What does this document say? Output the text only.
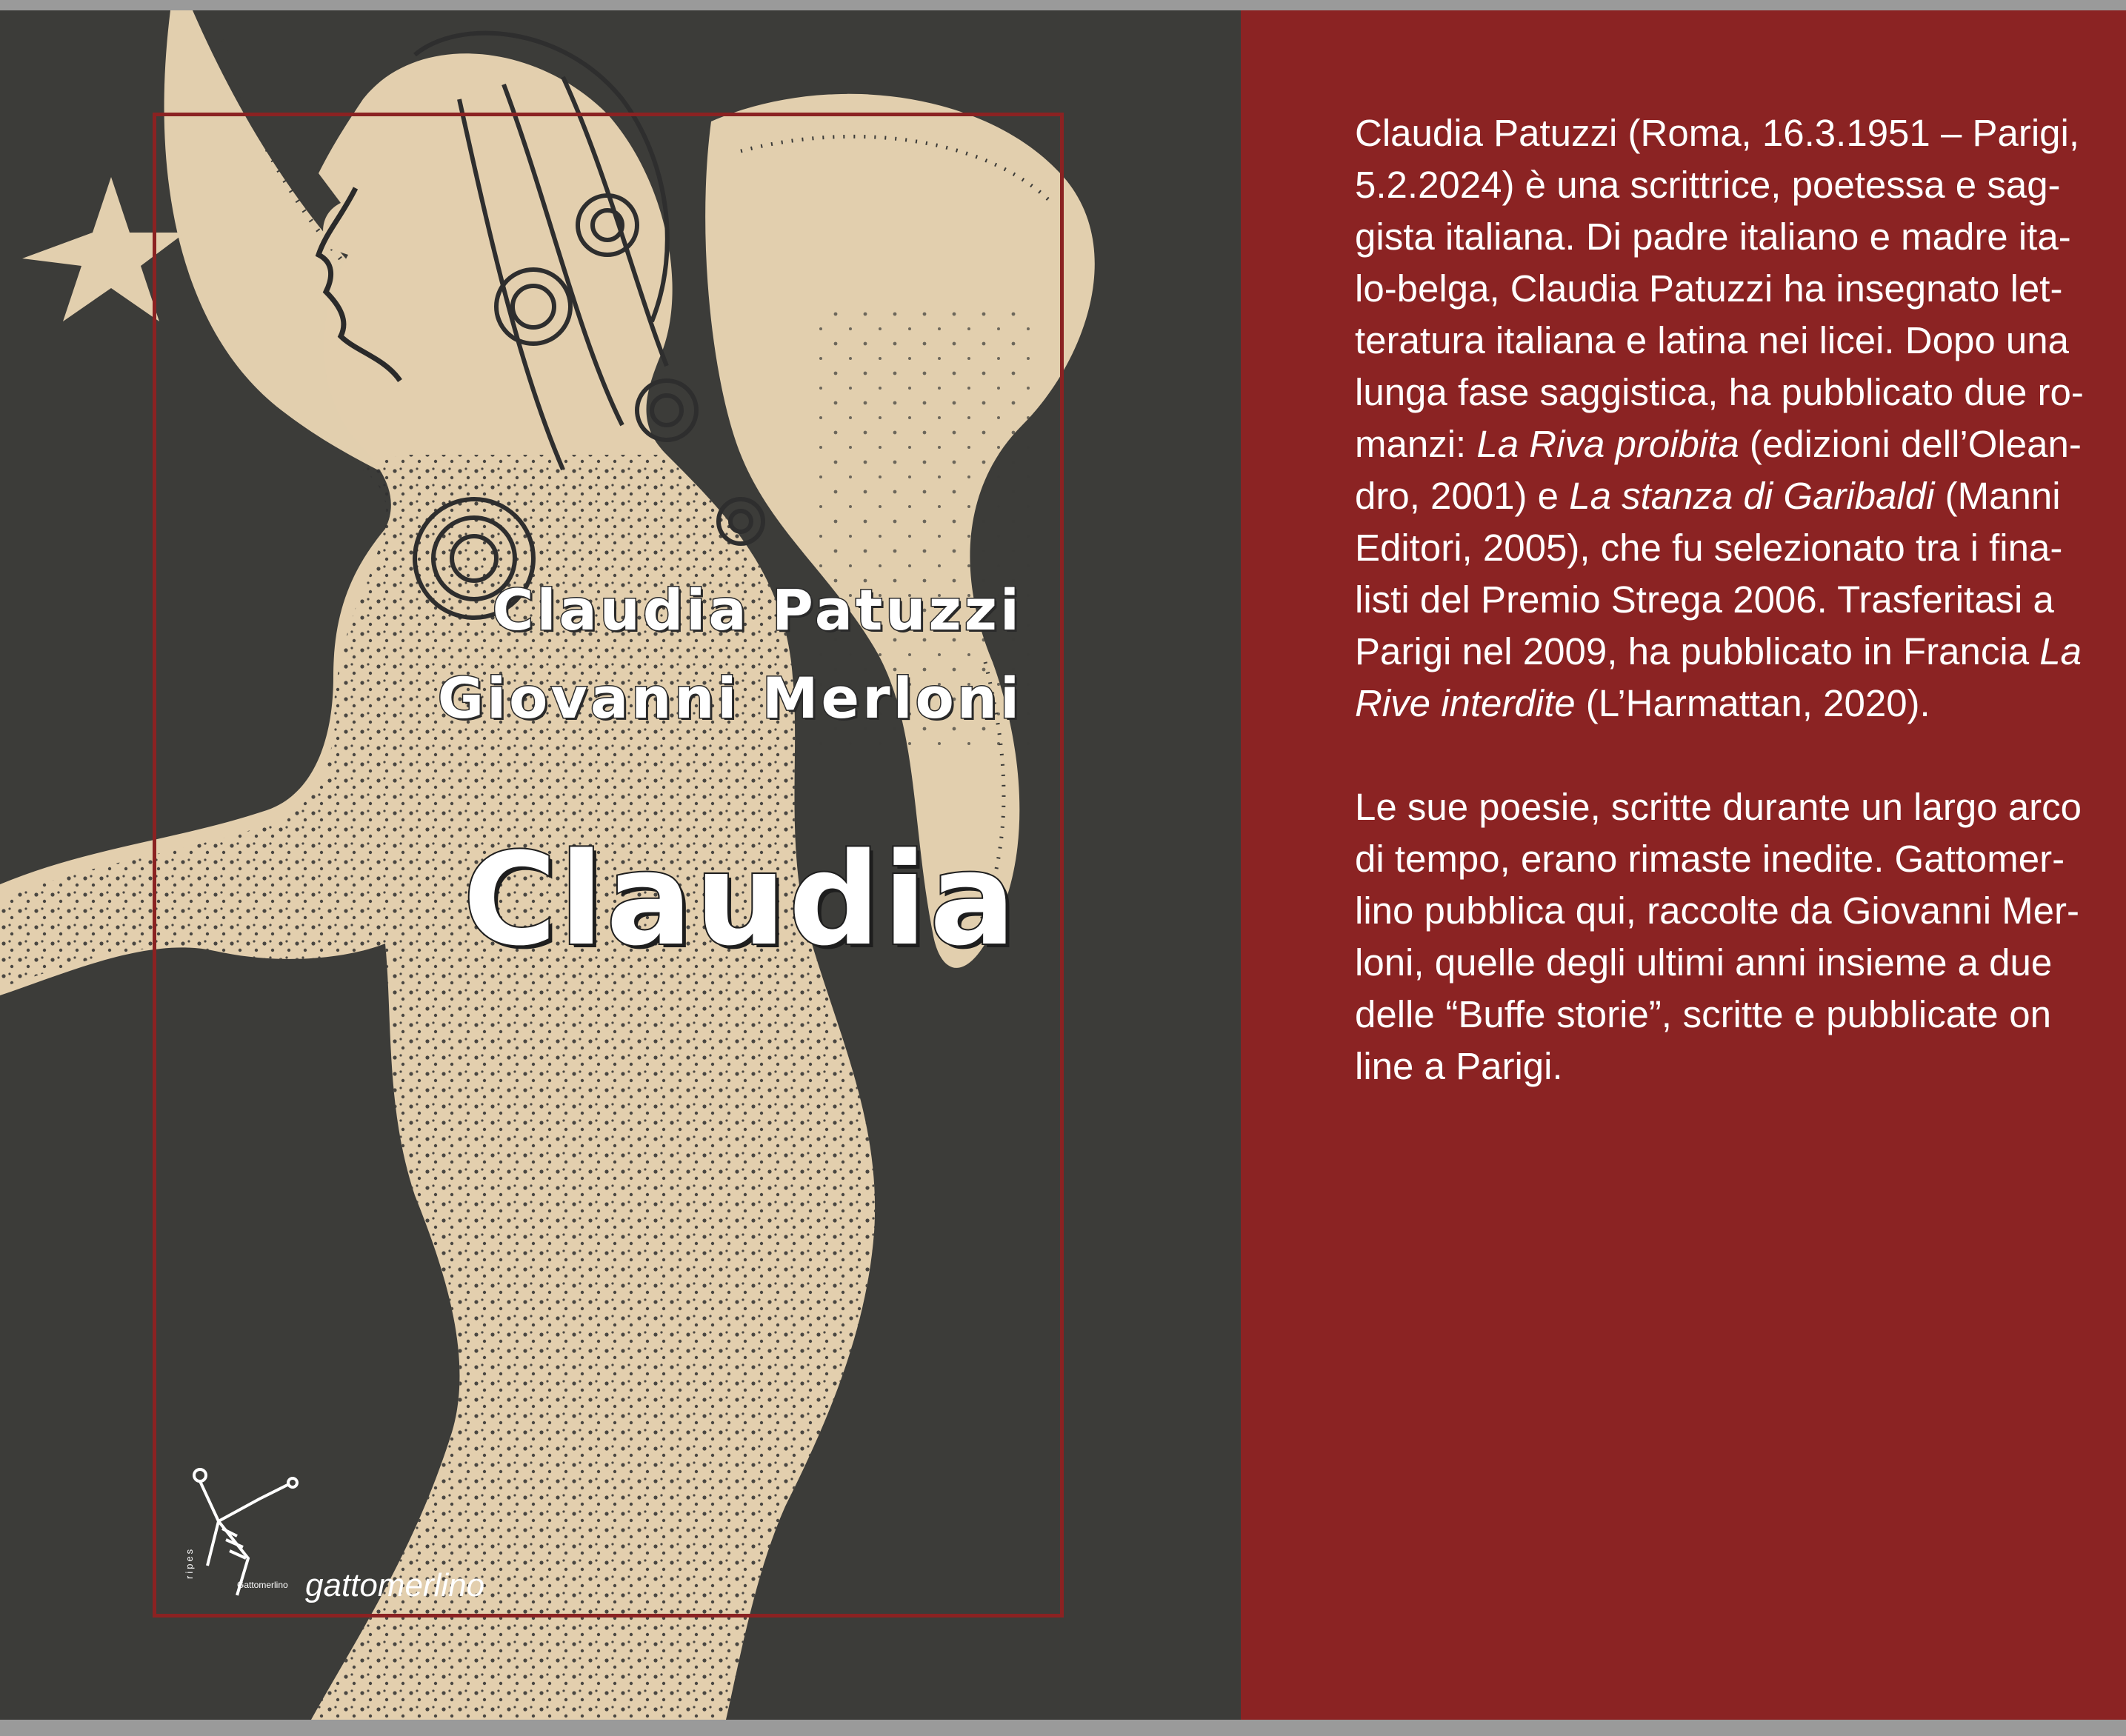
Claudia Patuzzi
Giovanni Merloni
Claudia
ripes
Gattomerlino gattomerlino

Claudia Patuzzi (Roma, 16.3.1951 – Parigi,
5.2.2024) è una scrittrice, poetessa e sag-
gista italiana. Di padre italiano e madre ita-
lo-belga, Claudia Patuzzi ha insegnato let-
teratura italiana e latina nei licei. Dopo una
lunga fase saggistica, ha pubblicato due ro-
manzi: La Riva proibita (edizioni dell’Olean-
dro, 2001) e La stanza di Garibaldi (Manni
Editori, 2005), che fu selezionato tra i fina-
listi del Premio Strega 2006. Trasferitasi a
Parigi nel 2009, ha pubblicato in Francia La
Rive interdite (L’Harmattan, 2020).

Le sue poesie, scritte durante un largo arco
di tempo, erano rimaste inedite. Gattomer-
lino pubblica qui, raccolte da Giovanni Mer-
loni, quelle degli ultimi anni insieme a due
delle “Buffe storie”, scritte e pubblicate on
line a Parigi.
